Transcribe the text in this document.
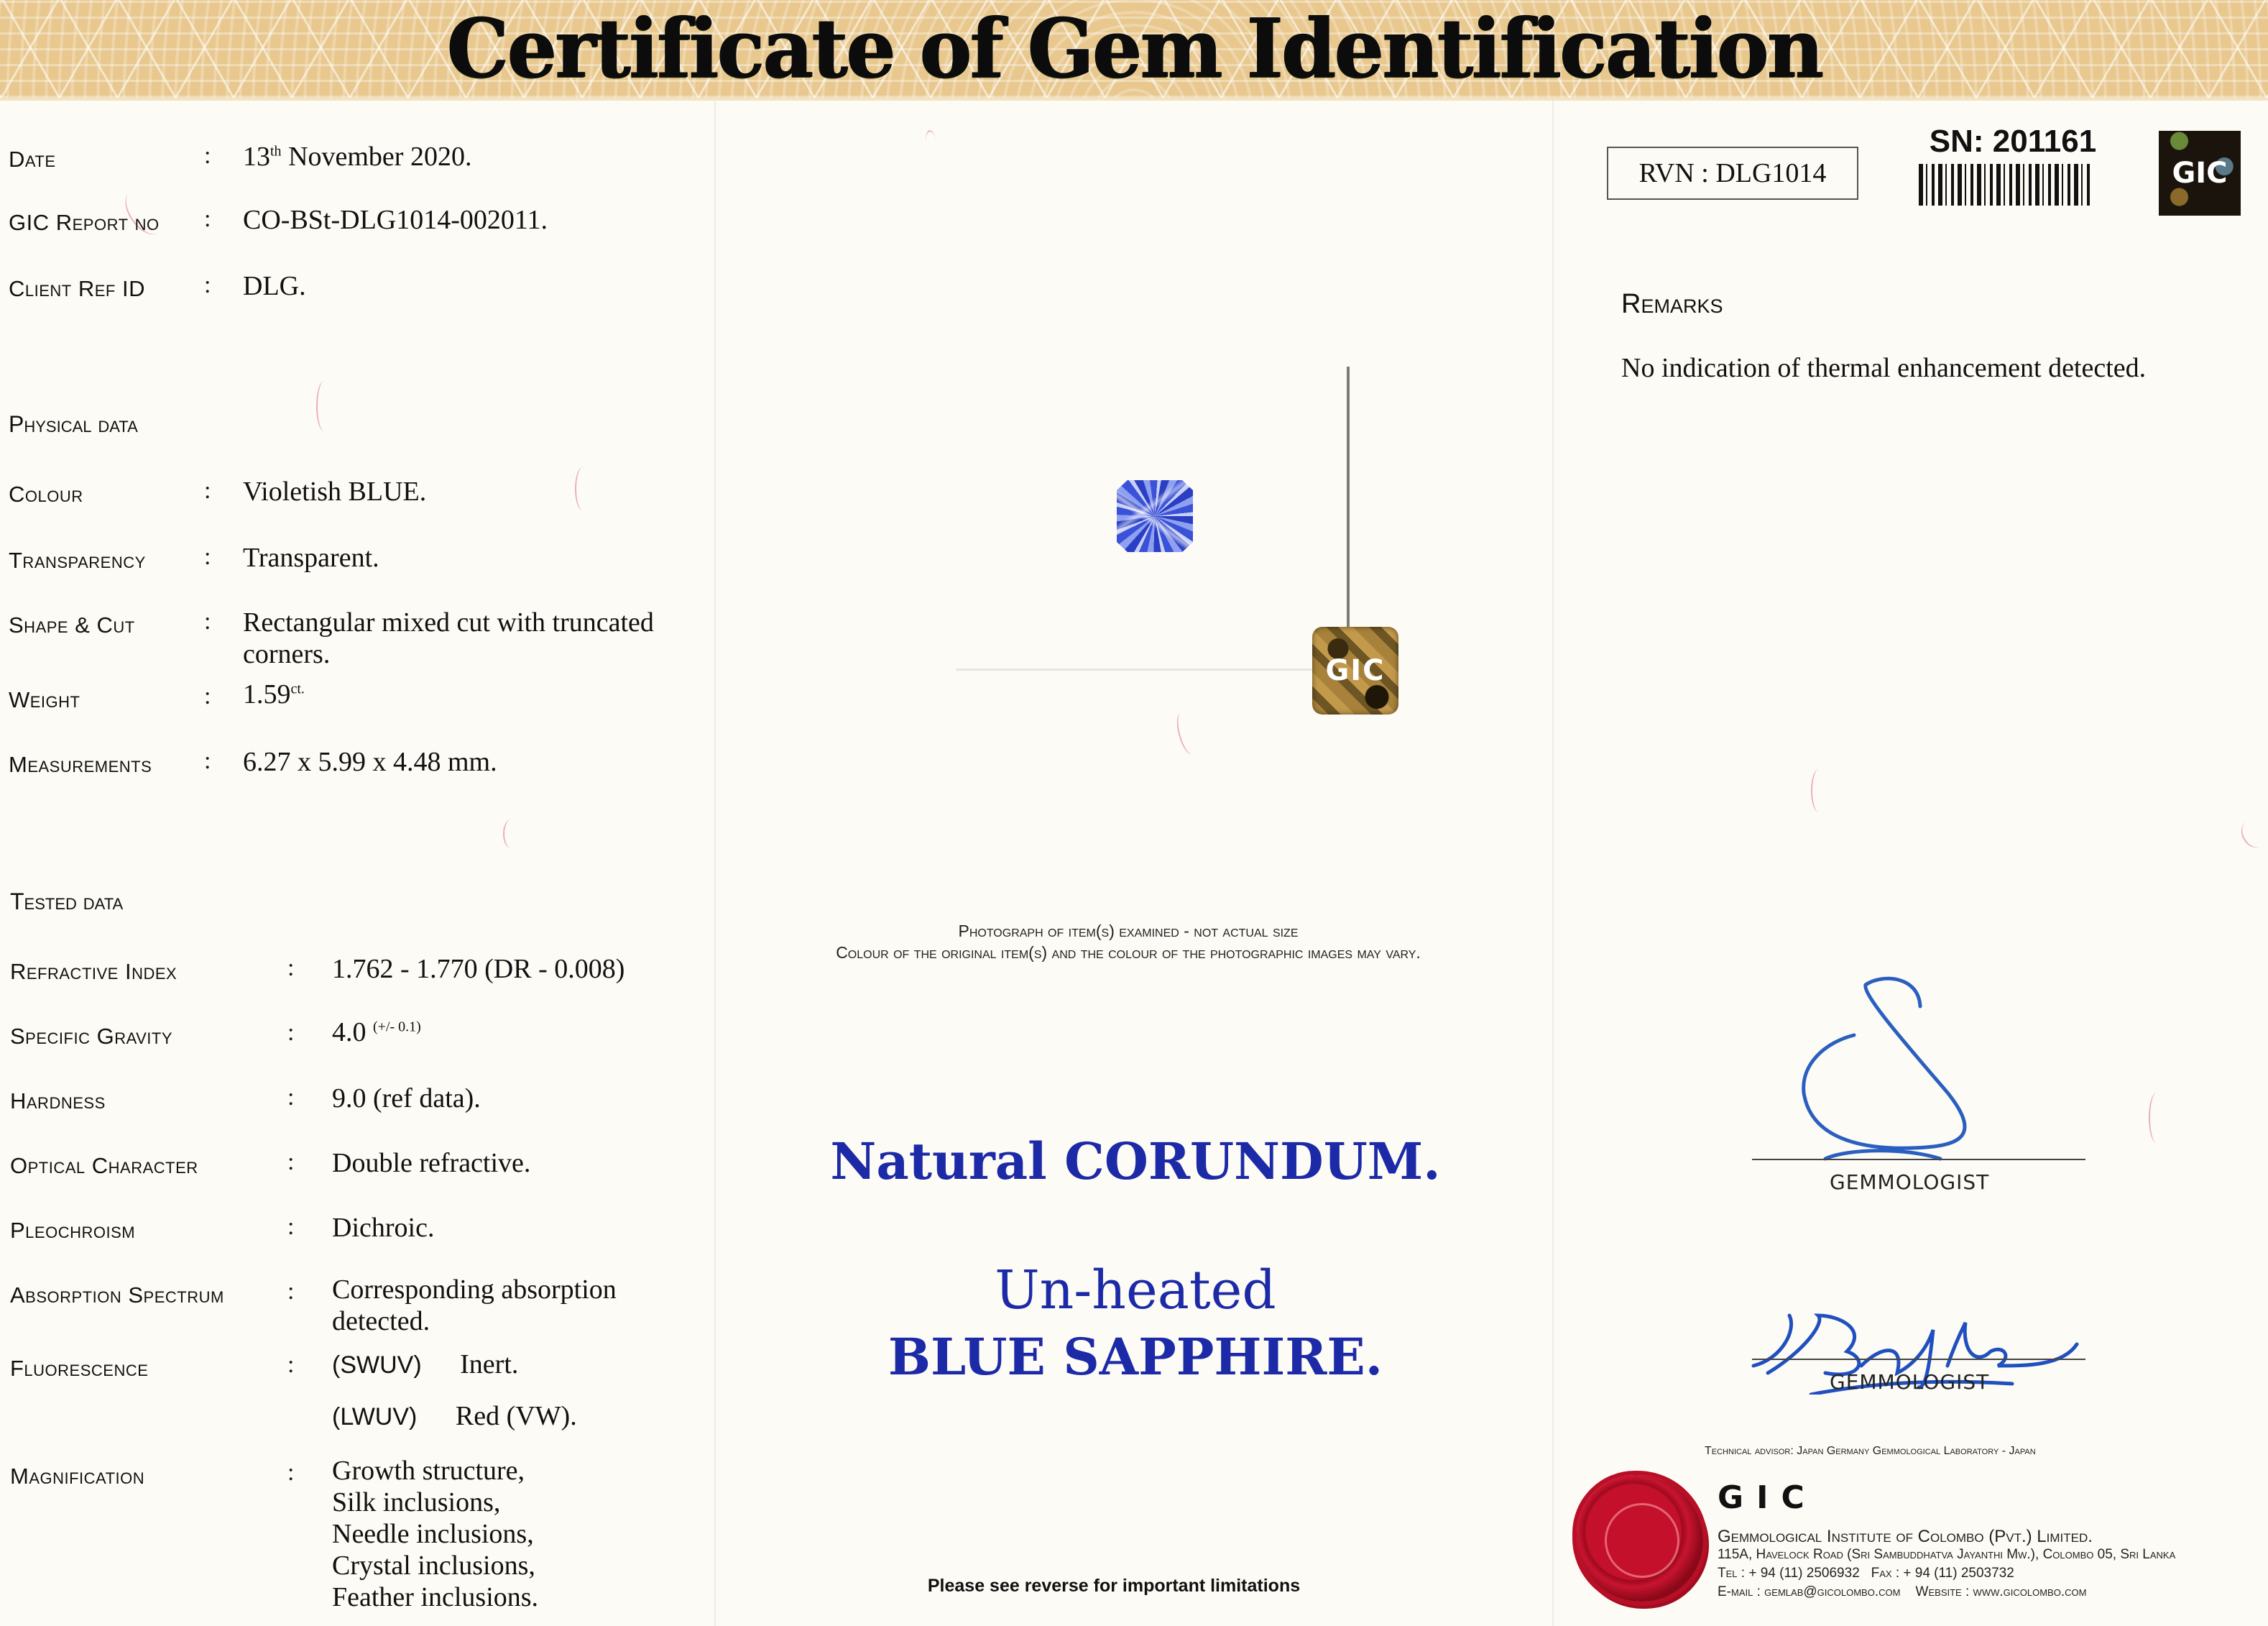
Certificate of Gem Identification
Date	: 13th November 2020.
GIC Report no : CO-BSt-DLG1014-002011.
Client Ref ID : DLG.
Physical data
Colour	: Violetish BLUE.
Transparency : Transparent.
Shape & Cut	: Rectangular mixed cut with truncated
corners.
Weight	: $1.59^{ct.}$
Measurements : 6.27 x 5.99 x 4.48 mm.
Tested data
Refractive Index	: 1.762 - 1.770 (DR - 0.008)
Specific Gravity	: 4.0 $^{(+/- 0.1)}$
Hardness	: 9.0 (ref data).
Optical Character	: Double refractive.
Pleochroism	: Dichroic.
Absorption Spectrum	: Corresponding absorption
detected.
Fluorescence	: (SWUV) Inert.
(LWUV) Red (VW).
Magnification	: Growth structure,
Silk inclusions,
Needle inclusions,
Crystal inclusions,
Feather inclusions.
GIC
Photograph of item(s) examined - not actual size
Colour of the original item(s) and the colour of the photographic images may vary.
Natural CORUNDUM.
Un-heated
BLUE SAPPHIRE.
Please see reverse for important limitations
RVN : DLG1014
SN: 201161
GIC
Remarks
No indication of thermal enhancement detected.
GEMMOLOGIST
GEMMOLOGIST
Technical advisor: Japan Germany Gemmological Laboratory - Japan
GIC
Gemmological Institute of Colombo (Pvt.) Limited.
115A, Havelock Road (Sri Sambuddhatva Jayanthi Mw.), Colombo 05, Sri Lanka
Tel : + 94 (11) 2506932   Fax : + 94 (11) 2503732
E-mail : gemlab@gicolombo.com    Website : www.gicolombo.com
